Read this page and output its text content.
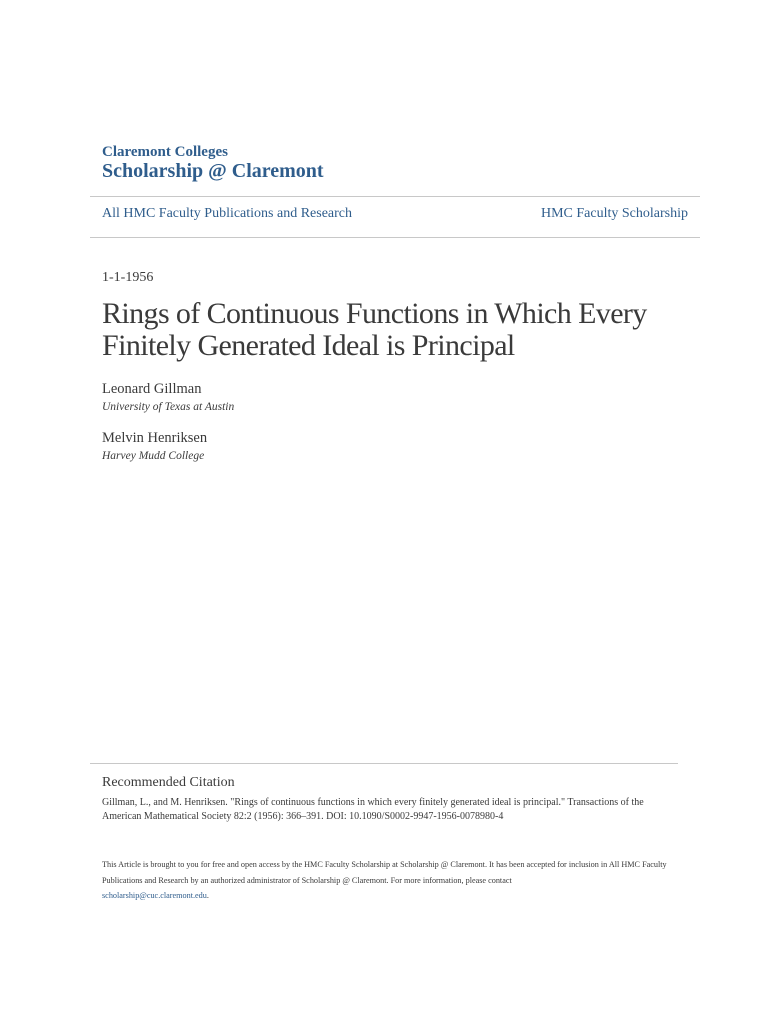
Claremont Colleges
Scholarship @ Claremont
All HMC Faculty Publications and Research	HMC Faculty Scholarship
1-1-1956
Rings of Continuous Functions in Which Every Finitely Generated Ideal is Principal
Leonard Gillman
University of Texas at Austin
Melvin Henriksen
Harvey Mudd College
Recommended Citation
Gillman, L., and M. Henriksen. "Rings of continuous functions in which every finitely generated ideal is principal." Transactions of the American Mathematical Society 82:2 (1956): 366–391. DOI: 10.1090/S0002-9947-1956-0078980-4
This Article is brought to you for free and open access by the HMC Faculty Scholarship at Scholarship @ Claremont. It has been accepted for inclusion in All HMC Faculty Publications and Research by an authorized administrator of Scholarship @ Claremont. For more information, please contact
scholarship@cuc.claremont.edu.
